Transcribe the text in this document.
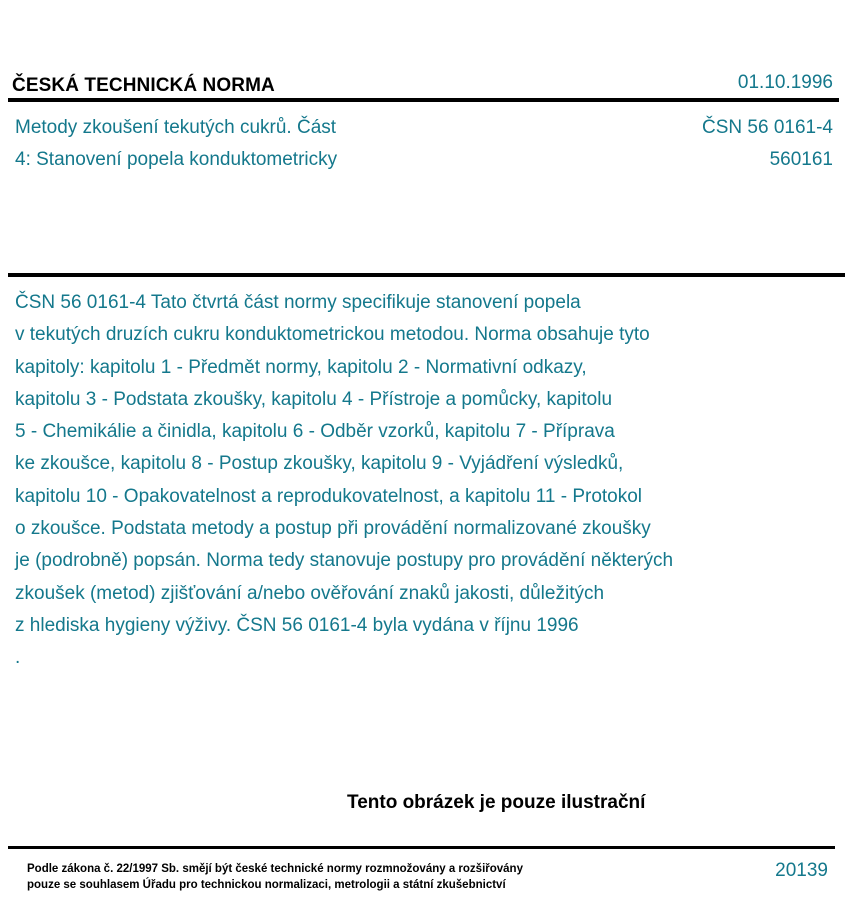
ČESKÁ TECHNICKÁ NORMA	01.10.1996
Metody zkoušení tekutých cukrů. Část
4: Stanovení popela konduktometricky
ČSN 56 0161-4
560161
ČSN 56 0161-4 Tato čtvrtá část normy specifikuje stanovení popela
v tekutých druzích cukru konduktometrickou metodou. Norma obsahuje tyto
kapitoly: kapitolu 1 - Předmět normy, kapitolu 2 - Normativní odkazy,
kapitolu 3 - Podstata zkoušky, kapitolu 4 - Přístroje a pomůcky, kapitolu
5 - Chemikálie a činidla, kapitolu 6 - Odběr vzorků, kapitolu 7 - Příprava
ke zkoušce, kapitolu 8 - Postup zkoušky, kapitolu 9 - Vyjádření výsledků,
kapitolu 10 - Opakovatelnost a reprodukovatelnost, a kapitolu 11 - Protokol
o zkoušce. Podstata metody a postup při provádění normalizované zkoušky
je (podrobně) popsán. Norma tedy stanovuje postupy pro provádění některých
zkoušek (metod) zjišťování a/nebo ověřování znaků jakosti, důležitých
z hlediska hygieny výživy. ČSN 56 0161-4 byla vydána v říjnu 1996
.
Tento obrázek je pouze ilustrační
Podle zákona č. 22/1997 Sb. smějí být české technické normy rozmnožovány a rozšiřovány
pouze se souhlasem Úřadu pro technickou normalizaci, metrologii a státní zkušebnictví
20139
